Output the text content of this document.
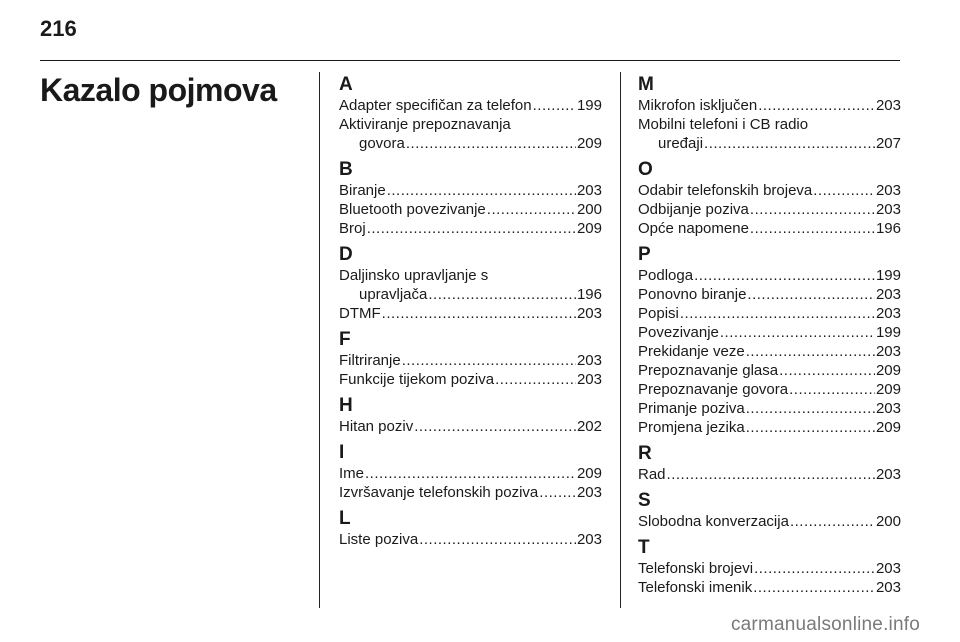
216
Kazalo pojmova	A
Adapter specifičan za telefon .....	199
Aktiviranje prepoznavanja
govora .....	209
B
Biranje .....	203
Bluetooth povezivanje .....	200
Broj .....	209
D
Daljinsko upravljanje s
upravljača .....	196
DTMF .....	203
F
Filtriranje .....	203
Funkcije tijekom poziva .....	203
H
Hitan poziv .....	202
I
Ime .....	209
Izvršavanje telefonskih poziva .....	203
L
Liste poziva .....	203
M
Mikrofon isključen .....	203
Mobilni telefoni i CB radio
uređaji .....	207
O
Odabir telefonskih brojeva .....	203
Odbijanje poziva .....	203
Opće napomene .....	196
P
Podloga .....	199
Ponovno biranje .....	203
Popisi .....	203
Povezivanje .....	199
Prekidanje veze .....	203
Prepoznavanje glasa .....	209
Prepoznavanje govora .....	209
Primanje poziva .....	203
Promjena jezika .....	209
R
Rad .....	203
S
Slobodna konverzacija .....	200
T
Telefonski brojevi .....	203
Telefonski imenik .....	203
carmanualsonline.info
